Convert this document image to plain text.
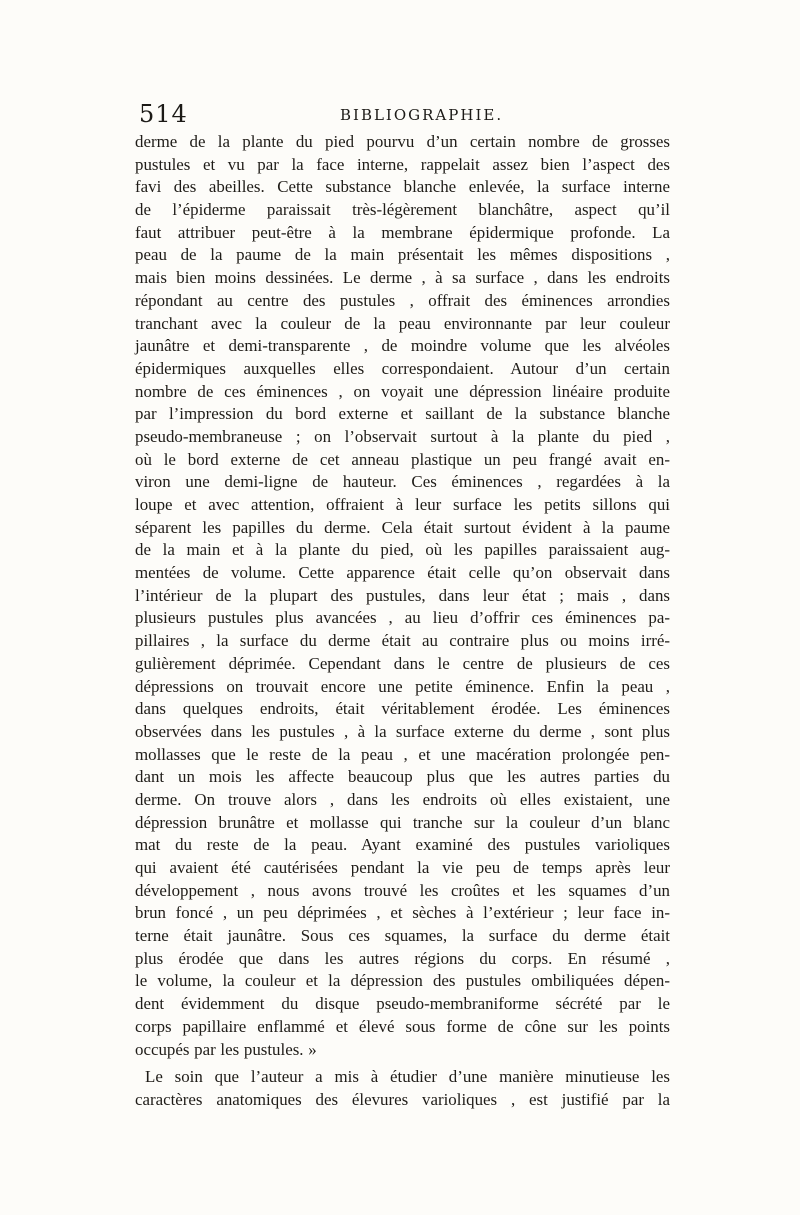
514	BIBLIOGRAPHIE.
derme de la plante du pied pourvu d’un certain nombre de grosses
pustules et vu par la face interne, rappelait assez bien l’aspect des
favi des abeilles. Cette substance blanche enlevée, la surface interne
de l’épiderme paraissait très-légèrement blanchâtre, aspect qu’il
faut attribuer peut-être à la membrane épidermique profonde. La
peau de la paume de la main présentait les mêmes dispositions ,
mais bien moins dessinées. Le derme , à sa surface , dans les endroits
répondant au centre des pustules , offrait des éminences arrondies
tranchant avec la couleur de la peau environnante par leur couleur
jaunâtre et demi-transparente , de moindre volume que les alvéoles
épidermiques auxquelles elles correspondaient. Autour d’un certain
nombre de ces éminences , on voyait une dépression linéaire produite
par l’impression du bord externe et saillant de la substance blanche
pseudo-membraneuse ; on l’observait surtout à la plante du pied ,
où le bord externe de cet anneau plastique un peu frangé avait en-
viron une demi-ligne de hauteur. Ces éminences , regardées à la
loupe et avec attention, offraient à leur surface les petits sillons qui
séparent les papilles du derme. Cela était surtout évident à la paume
de la main et à la plante du pied, où les papilles paraissaient aug-
mentées de volume. Cette apparence était celle qu’on observait dans
l’intérieur de la plupart des pustules, dans leur état ; mais , dans
plusieurs pustules plus avancées , au lieu d’offrir ces éminences pa-
pillaires , la surface du derme était au contraire plus ou moins irré-
gulièrement déprimée. Cependant dans le centre de plusieurs de ces
dépressions on trouvait encore une petite éminence. Enfin la peau ,
dans quelques endroits, était véritablement érodée. Les éminences
observées dans les pustules , à la surface externe du derme , sont plus
mollasses que le reste de la peau , et une macération prolongée pen-
dant un mois les affecte beaucoup plus que les autres parties du
derme. On trouve alors , dans les endroits où elles existaient, une
dépression brunâtre et mollasse qui tranche sur la couleur d’un blanc
mat du reste de la peau. Ayant examiné des pustules varioliques
qui avaient été cautérisées pendant la vie peu de temps après leur
développement , nous avons trouvé les croûtes et les squames d’un
brun foncé , un peu déprimées , et sèches à l’extérieur ; leur face in-
terne était jaunâtre. Sous ces squames, la surface du derme était
plus érodée que dans les autres régions du corps. En résumé ,
le volume, la couleur et la dépression des pustules ombiliquées dépen-
dent évidemment du disque pseudo-membraniforme sécrété par le
corps papillaire enflammé et élevé sous forme de cône sur les points
occupés par les pustules. »
Le soin que l’auteur a mis à étudier d’une manière minutieuse les
caractères anatomiques des élevures varioliques , est justifié par la
